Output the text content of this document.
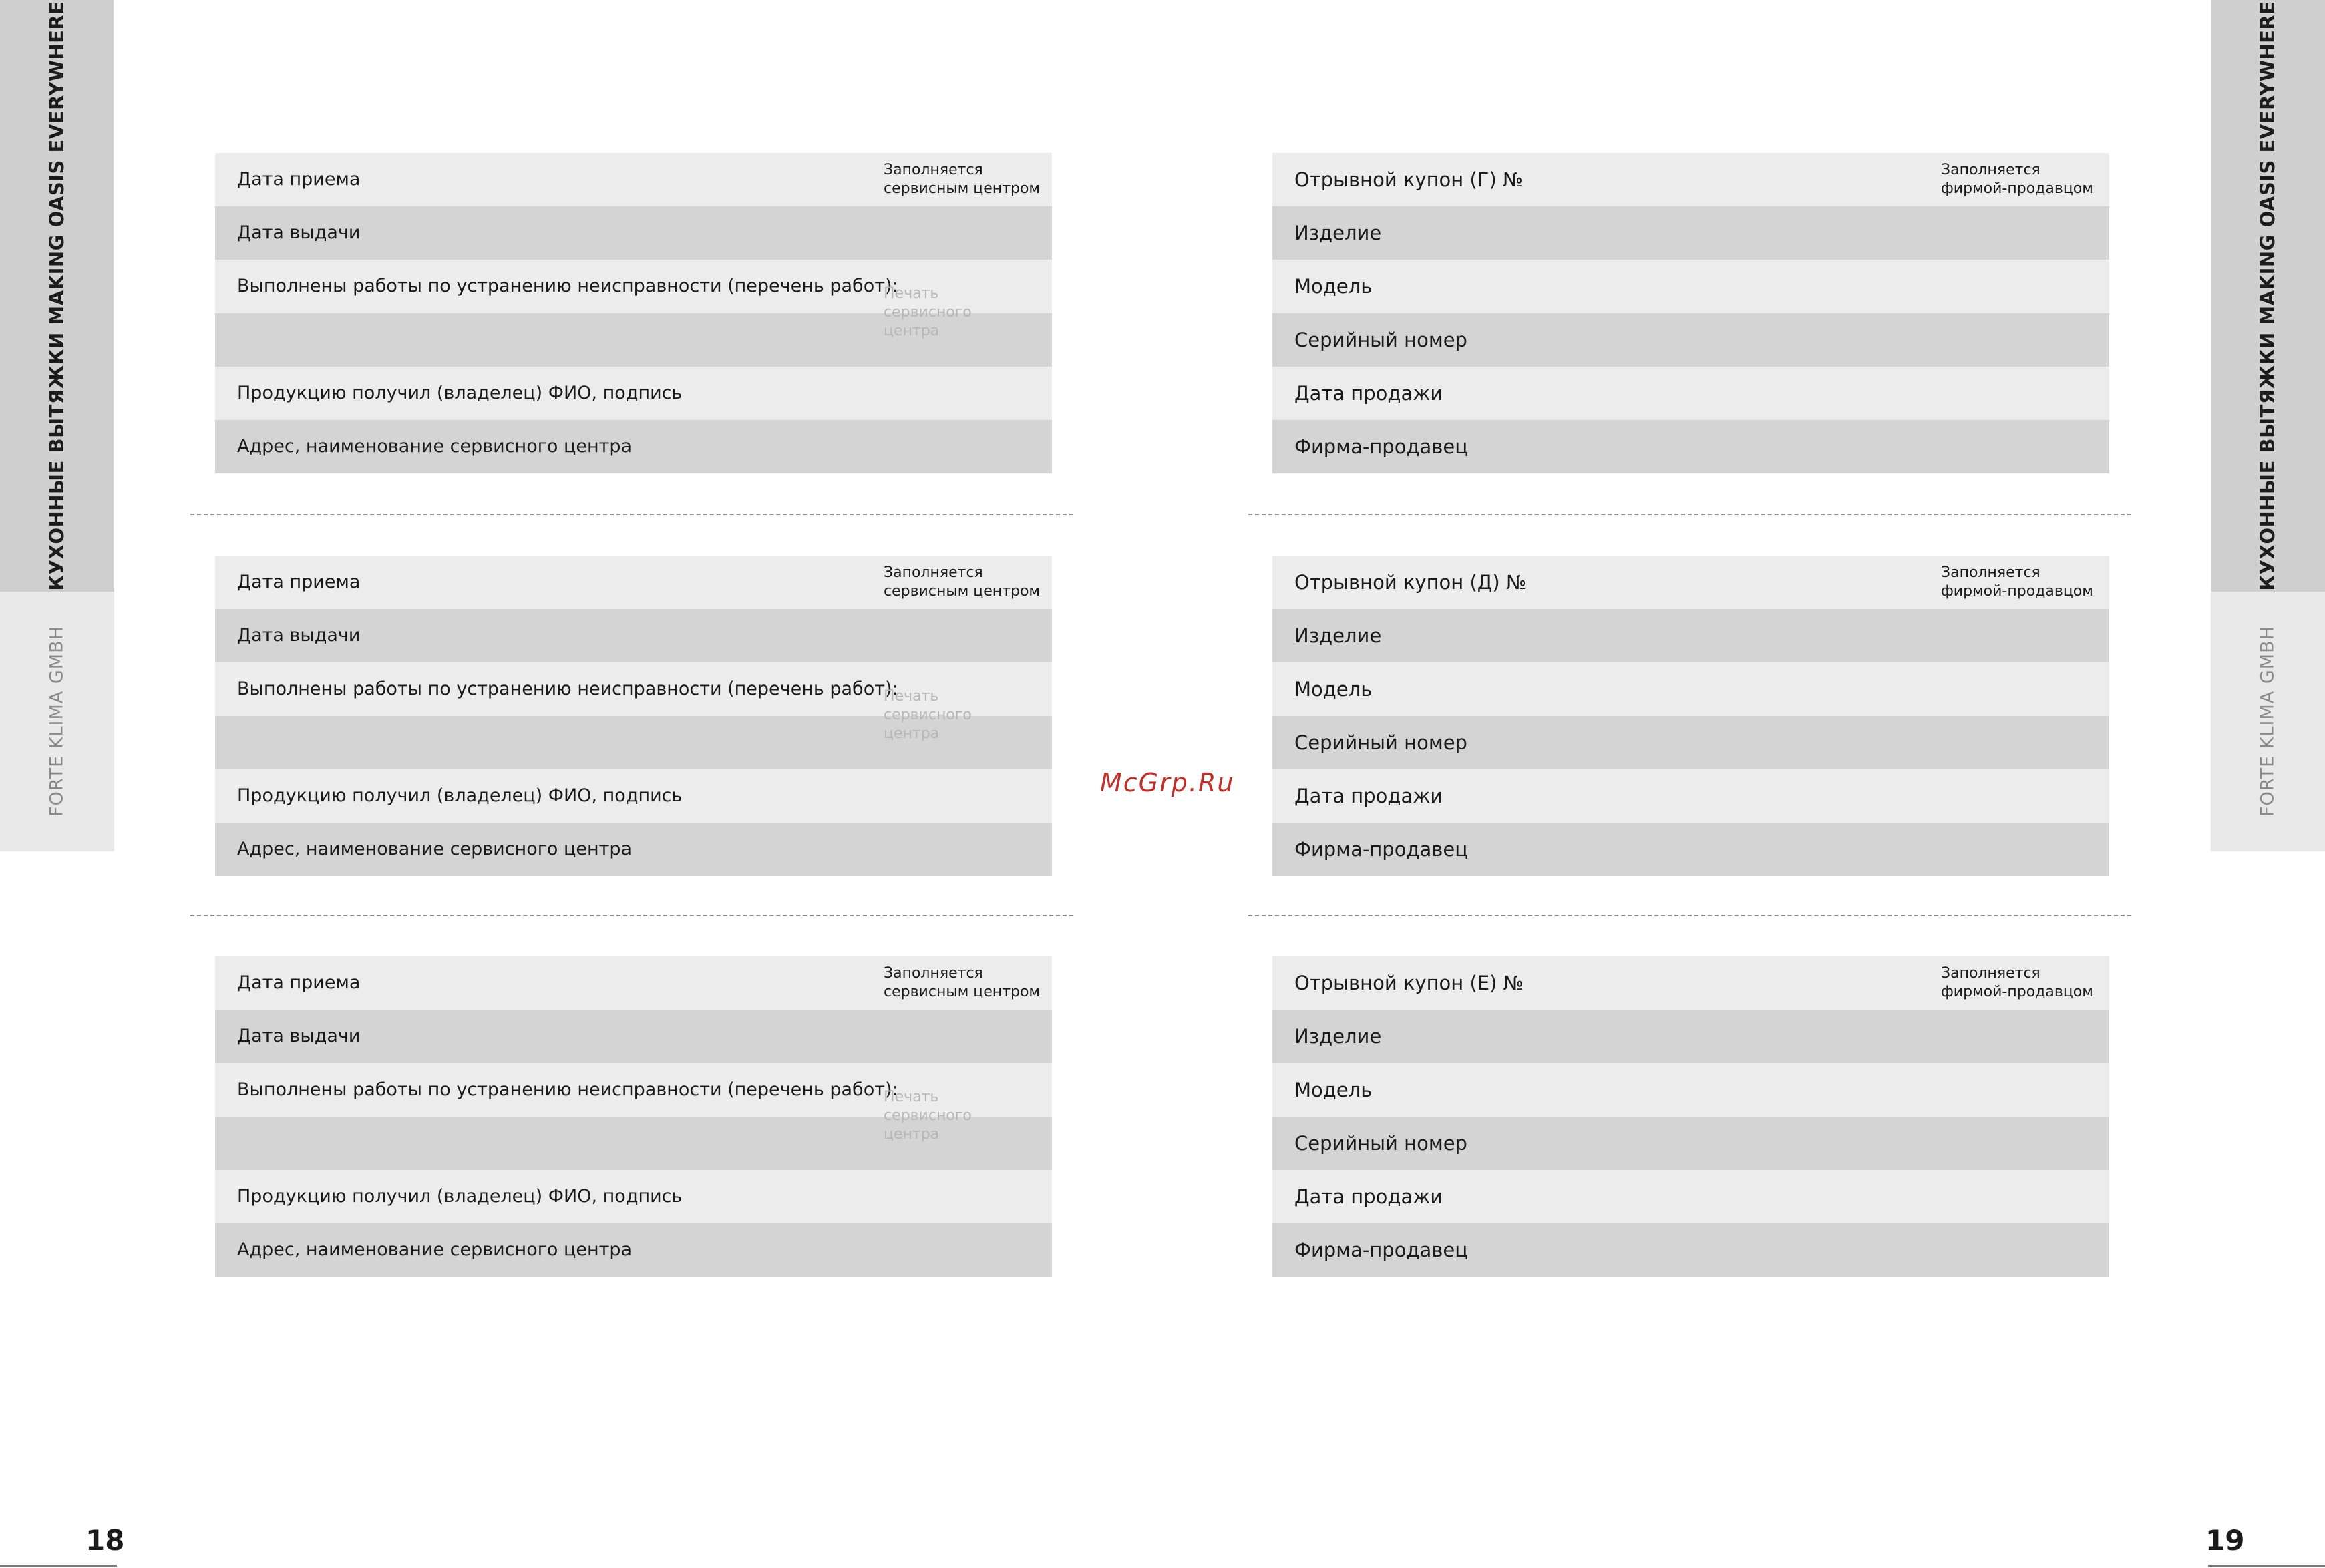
КУХОННЫЕ ВЫТЯЖКИ MAKING OASIS EVERYWHERE
FORTE KLIMA GMBH
КУХОННЫЕ ВЫТЯЖКИ MAKING OASIS EVERYWHERE
FORTE KLIMA GMBH
Дата приема
Дата выдачи
Выполнены работы по устранению неисправности (перечень работ):
Продукцию получил (владелец) ФИО, подпись
Адрес, наименование сервисного центра
Заполняется
сервисным центром
Печать
сервисного
центра
Дата приема
Дата выдачи
Выполнены работы по устранению неисправности (перечень работ):
Продукцию получил (владелец) ФИО, подпись
Адрес, наименование сервисного центра
Заполняется
сервисным центром
Печать
сервисного
центра
Дата приема
Дата выдачи
Выполнены работы по устранению неисправности (перечень работ):
Продукцию получил (владелец) ФИО, подпись
Адрес, наименование сервисного центра
Заполняется
сервисным центром
Печать
сервисного
центра
Отрывной купон (Г) №
Изделие
Модель
Серийный номер
Дата продажи
Фирма-продавец
Заполняется
фирмой-продавцом
Отрывной купон (Д) №
Изделие
Модель
Серийный номер
Дата продажи
Фирма-продавец
Заполняется
фирмой-продавцом
Отрывной купон (Е) №
Изделие
Модель
Серийный номер
Дата продажи
Фирма-продавец
Заполняется
фирмой-продавцом
McGrp.Ru
18	19
